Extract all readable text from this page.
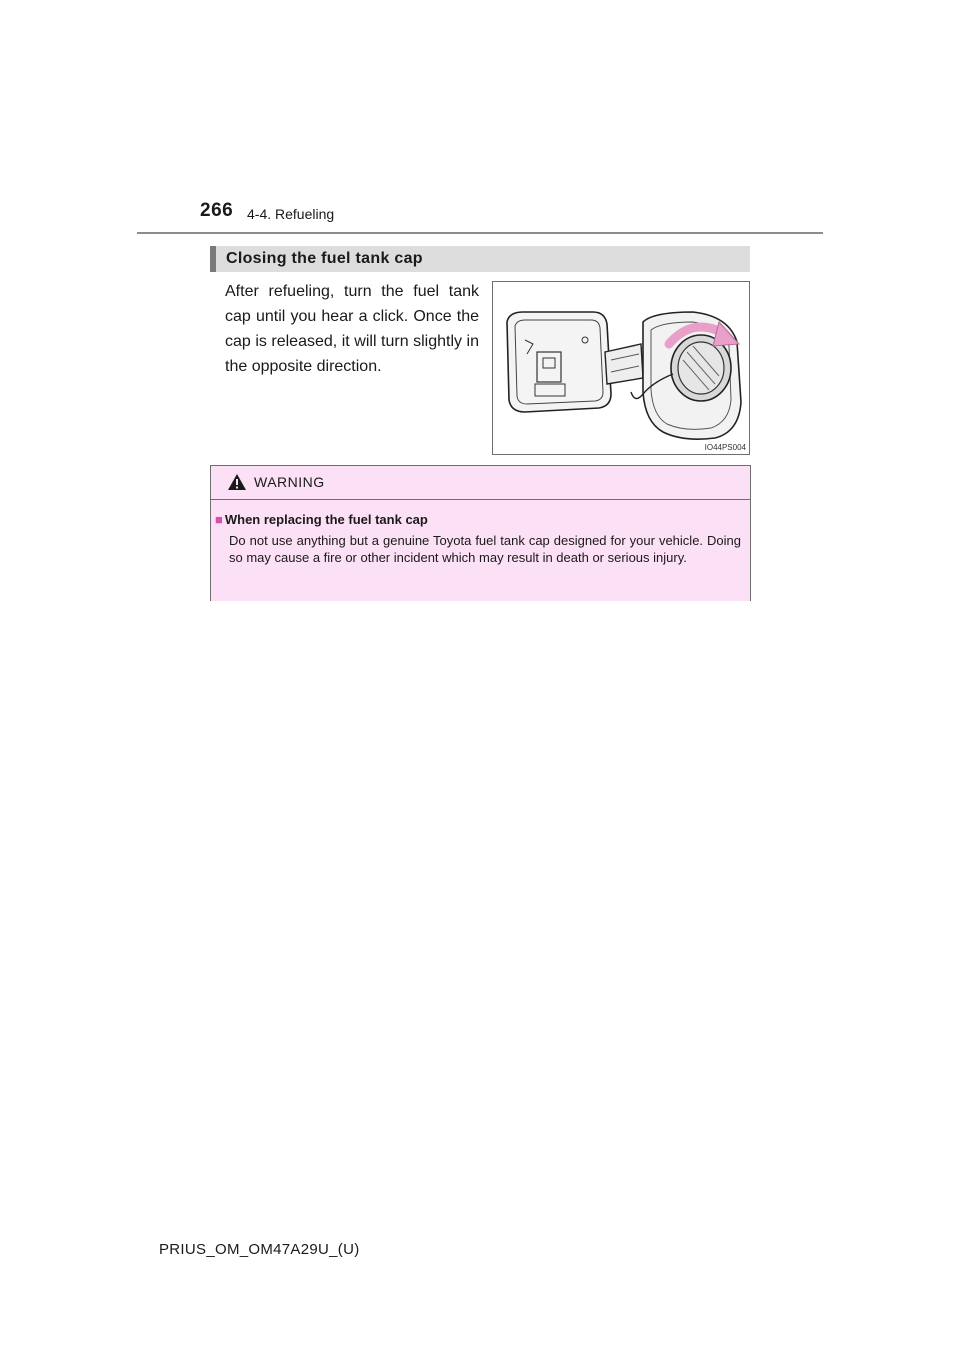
266 4-4. Refueling
Closing the fuel tank cap
After refueling, turn the fuel tank cap until you hear a click. Once the cap is released, it will turn slightly in the opposite direction.
IO44PS004
WARNING
■ When replacing the fuel tank cap
Do not use anything but a genuine Toyota fuel tank cap designed for your vehicle. Doing so may cause a fire or other incident which may result in death or serious injury.
PRIUS_OM_OM47A29U_(U)
